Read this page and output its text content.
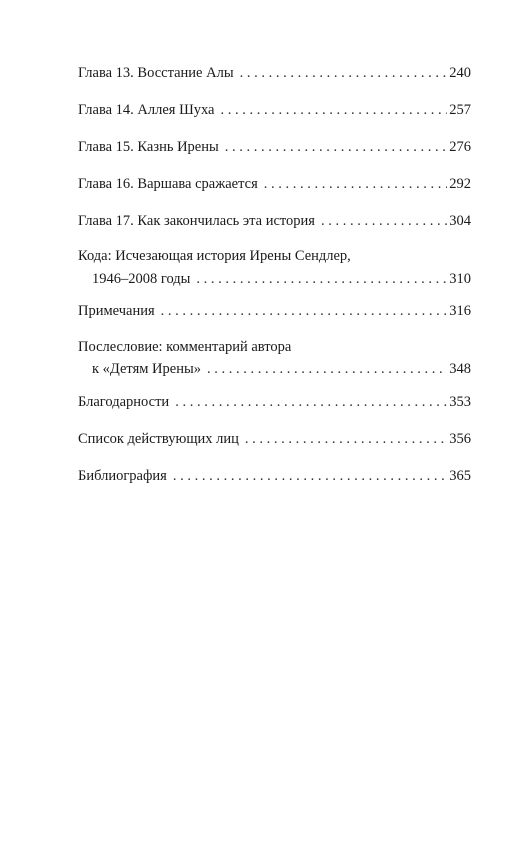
Глава 13. Восстание Алы . . .	240
Глава 14. Аллея Шуха . . .	257
Глава 15. Казнь Ирены . . .	276
Глава 16. Варшава сражается . . .	292
Глава 17. Как закончилась эта история . . .	304
Кода: Исчезающая история Ирены Сендлер,
1946–2008 годы . . .	310
Примечания . . .	316
Послесловие: комментарий автора
к «Детям Ирены» . . .	348
Благодарности . . .	353
Список действующих лиц . . .	356
Библиография . . .	365
